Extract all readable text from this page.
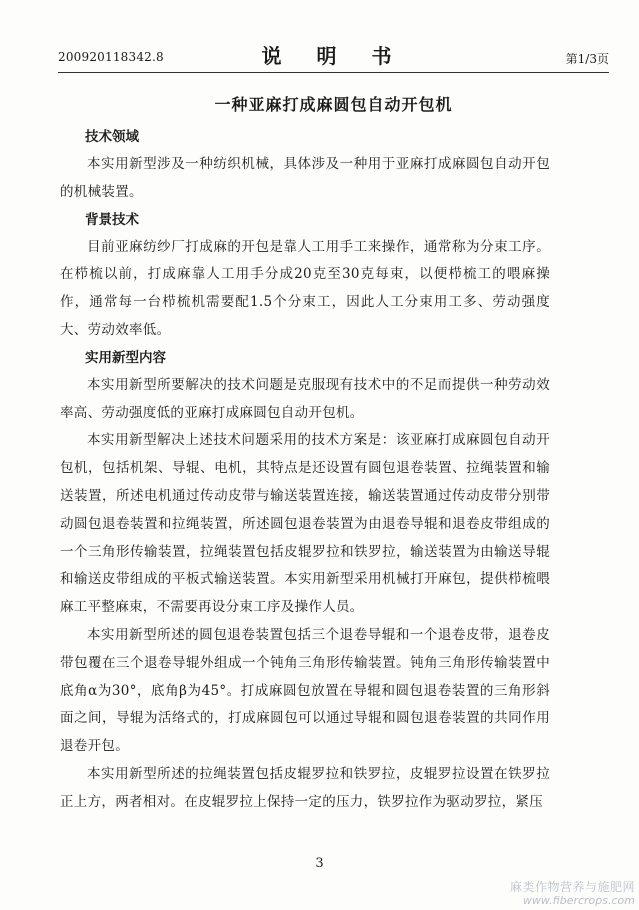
200920118342.8	说 明 书	第1/3页
一种亚麻打成麻圆包自动开包机
技术领域

本实用新型涉及一种纺织机械，具体涉及一种用于亚麻打成麻圆包自动开包的机械装置。

背景技术

目前亚麻纺纱厂打成麻的开包是靠人工用手工来操作，通常称为分束工序。在栉梳以前，打成麻靠人工用手分成20克至30克每束，以便栉梳工的喂麻操作，通常每一台栉梳机需要配1.5个分束工，因此人工分束用工多、劳动强度大、劳动效率低。

实用新型内容

本实用新型所要解决的技术问题是克服现有技术中的不足而提供一种劳动效率高、劳动强度低的亚麻打成麻圆包自动开包机。

本实用新型解决上述技术问题采用的技术方案是：该亚麻打成麻圆包自动开包机，包括机架、导辊、电机，其特点是还设置有圆包退卷装置、拉绳装置和输送装置，所述电机通过传动皮带与输送装置连接，输送装置通过传动皮带分别带动圆包退卷装置和拉绳装置，所述圆包退卷装置为由退卷导辊和退卷皮带组成的一个三角形传输装置，拉绳装置包括皮辊罗拉和铁罗拉，输送装置为由输送导辊和输送皮带组成的平板式输送装置。本实用新型采用机械打开麻包，提供栉梳喂麻工平整麻束，不需要再设分束工序及操作人员。

本实用新型所述的圆包退卷装置包括三个退卷导辊和一个退卷皮带，退卷皮带包覆在三个退卷导辊外组成一个钝角三角形传输装置。钝角三角形传输装置中底角α为30°，底角β为45°。打成麻圆包放置在导辊和圆包退卷装置的三角形斜面之间，导辊为活络式的，打成麻圆包可以通过导辊和圆包退卷装置的共同作用退卷开包。

本实用新型所述的拉绳装置包括皮辊罗拉和铁罗拉，皮辊罗拉设置在铁罗拉正上方，两者相对。在皮辊罗拉上保持一定的压力，铁罗拉作为驱动罗拉，紧压

3
麻类作物营养与施肥网
www.fibercrops.com
